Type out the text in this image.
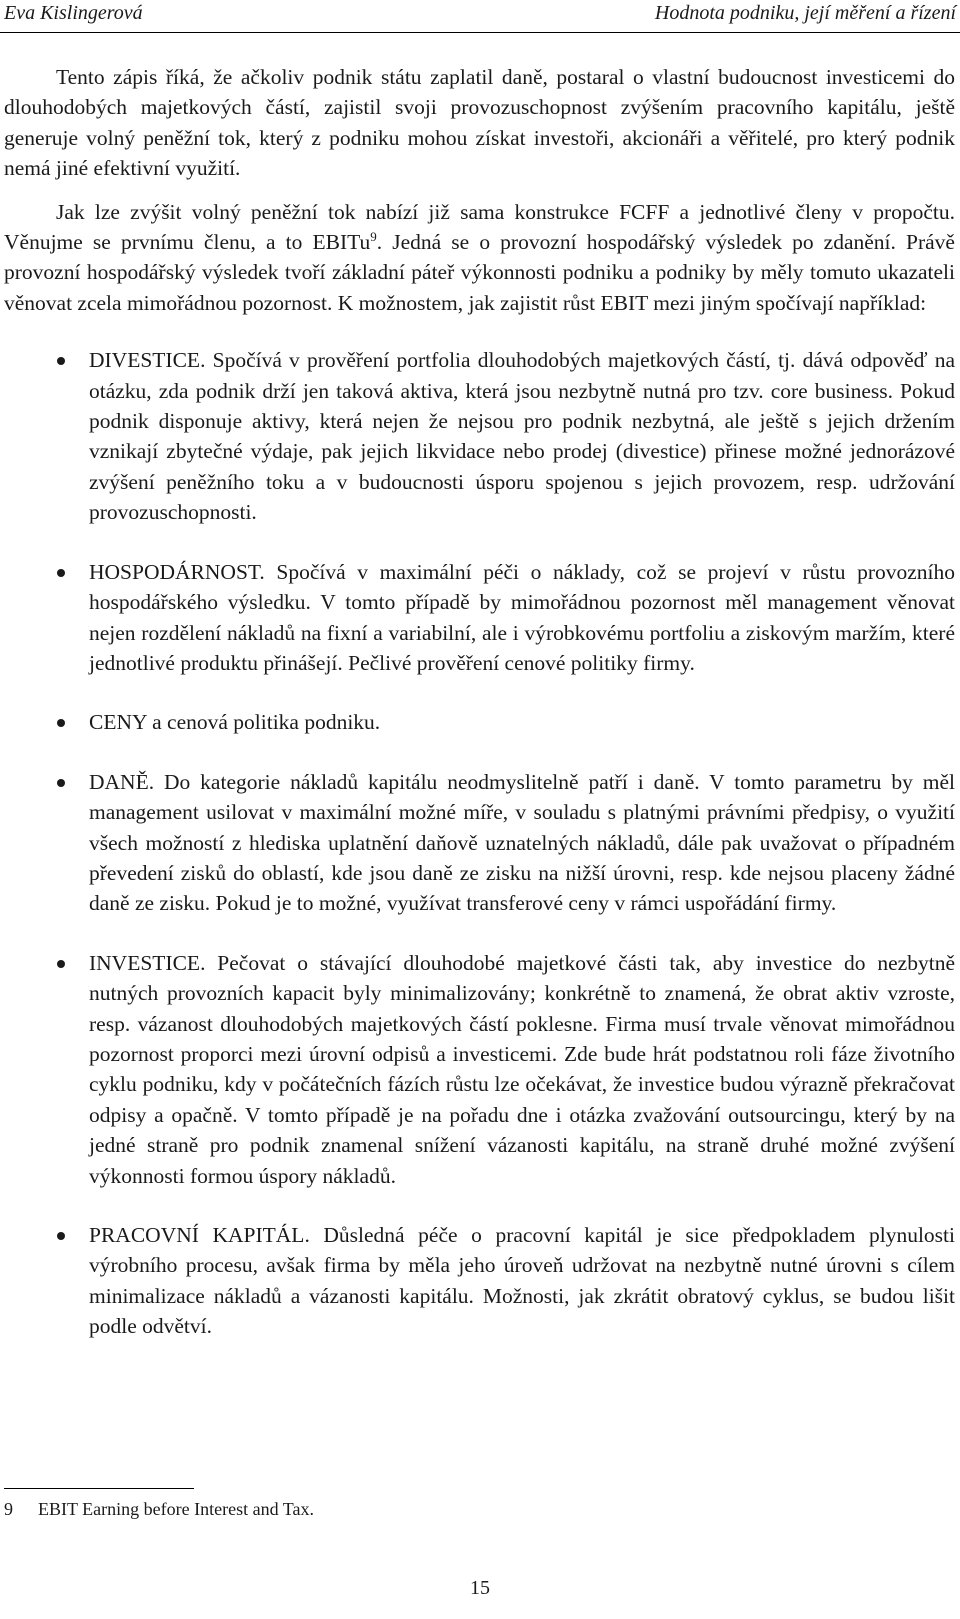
Eva Kislingerová	Hodnota podniku, její měření a řízení

Tento zápis říká, že ačkoliv podnik státu zaplatil daně, postaral o vlastní budoucnost investicemi do dlouhodobých majetkových částí, zajistil svoji provozuschopnost zvýšením pracovního kapitálu, ještě generuje volný peněžní tok, který z podniku mohou získat investoři, akcionáři a věřitelé, pro který podnik nemá jiné efektivní využití.

Jak lze zvýšit volný peněžní tok nabízí již sama konstrukce FCFF a jednotlivé členy v propočtu. Věnujme se prvnímu členu, a to EBITu$^9$. Jedná se o provozní hospodářský výsledek po zdanění. Právě provozní hospodářský výsledek tvoří základní páteř výkonnosti podniku a podniky by měly tomuto ukazateli věnovat zcela mimořádnou pozornost. K možnostem, jak zajistit růst EBIT mezi jiným spočívají například:

DIVESTICE. Spočívá v prověření portfolia dlouhodobých majetkových částí, tj. dává odpověď na otázku, zda podnik drží jen taková aktiva, která jsou nezbytně nutná pro tzv. core business. Pokud podnik disponuje aktivy, která nejen že nejsou pro podnik nezbytná, ale ještě s jejich držením vznikají zbytečné výdaje, pak jejich likvidace nebo prodej (divestice) přinese možné jednorázové zvýšení peněžního toku a v budoucnosti úsporu spojenou s jejich provozem, resp. udržování provozuschopnosti.
HOSPODÁRNOST. Spočívá v maximální péči o náklady, což se projeví v růstu provozního hospodářského výsledku. V tomto případě by mimořádnou pozornost měl management věnovat nejen rozdělení nákladů na fixní a variabilní, ale i výrobkovému portfoliu a ziskovým maržím, které jednotlivé produktu přinášejí. Pečlivé prověření cenové politiky firmy.
CENY a cenová politika podniku.
DANĚ. Do kategorie nákladů kapitálu neodmyslitelně patří i daně. V tomto parametru by měl management usilovat v maximální možné míře, v souladu s platnými právními předpisy, o využití všech možností z hlediska uplatnění daňově uznatelných nákladů, dále pak uvažovat o případném převedení zisků do oblastí, kde jsou daně ze zisku na nižší úrovni, resp. kde nejsou placeny žádné daně ze zisku. Pokud je to možné, využívat transferové ceny v rámci uspořádání firmy.
INVESTICE. Pečovat o stávající dlouhodobé majetkové části tak, aby investice do nezbytně nutných provozních kapacit byly minimalizovány; konkrétně to znamená, že obrat aktiv vzroste, resp. vázanost dlouhodobých majetkových částí poklesne. Firma musí trvale věnovat mimořádnou pozornost proporci mezi úrovní odpisů a investicemi. Zde bude hrát podstatnou roli fáze životního cyklu podniku, kdy v počátečních fázích růstu lze očekávat, že investice budou výrazně překračovat odpisy a opačně. V tomto případě je na pořadu dne i otázka zvažování outsourcingu, který by na jedné straně pro podnik znamenal snížení vázanosti kapitálu, na straně druhé možné zvýšení výkonnosti formou úspory nákladů.
PRACOVNÍ KAPITÁL. Důsledná péče o pracovní kapitál je sice předpokladem plynulosti výrobního procesu, avšak firma by měla jeho úroveň udržovat na nezbytně nutné úrovni s cílem minimalizace nákladů a vázanosti kapitálu. Možnosti, jak zkrátit obratový cyklus, se budou lišit podle odvětví.
9 EBIT Earning before Interest and Tax.
15
